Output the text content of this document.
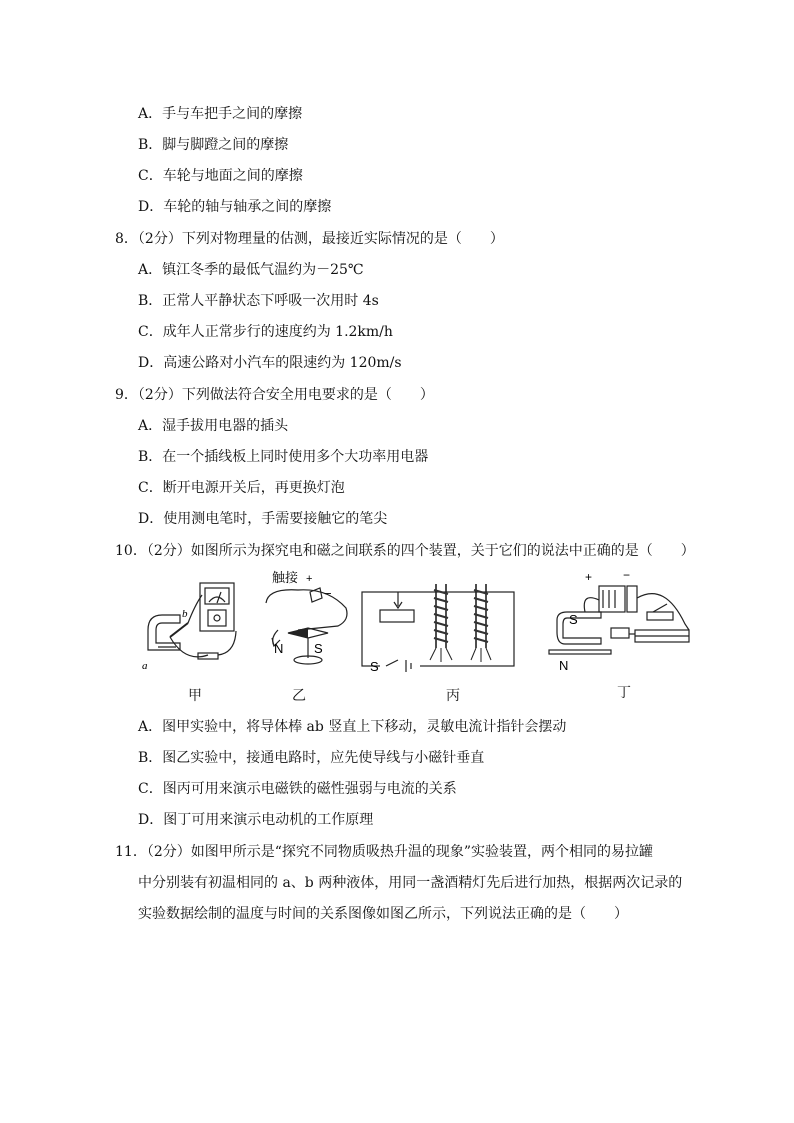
A．手与车把手之间的摩擦
B．脚与脚蹬之间的摩擦
C．车轮与地面之间的摩擦
D．车轮的轴与轴承之间的摩擦
8．（2分）下列对物理量的估测，最接近实际情况的是（　　）
A．镇江冬季的最低气温约为－25℃
B．正常人平静状态下呼吸一次用时 4s
C．成年人正常步行的速度约为 1.2km/h
D．高速公路对小汽车的限速约为 120m/s
9．（2分）下列做法符合安全用电要求的是（　　）
A．湿手拔用电器的插头
B．在一个插线板上同时使用多个大功率用电器
C．断开电源开关后，再更换灯泡
D．使用测电笔时，手需要接触它的笔尖
10．（2分）如图所示为探究电和磁之间联系的四个装置，关于它们的说法中正确的是（　　）
a
b
甲
触接 +
−
N S
乙
S
丙
+	−
S
N
丁
A．图甲实验中，将导体棒 ab 竖直上下移动，灵敏电流计指针会摆动
B．图乙实验中，接通电路时，应先使导线与小磁针垂直
C．图丙可用来演示电磁铁的磁性强弱与电流的关系
D．图丁可用来演示电动机的工作原理
11．（2分）如图甲所示是“探究不同物质吸热升温的现象”实验装置，两个相同的易拉罐
中分别装有初温相同的 a、b 两种液体，用同一盏酒精灯先后进行加热，根据两次记录的
实验数据绘制的温度与时间的关系图像如图乙所示，下列说法正确的是（　　）
